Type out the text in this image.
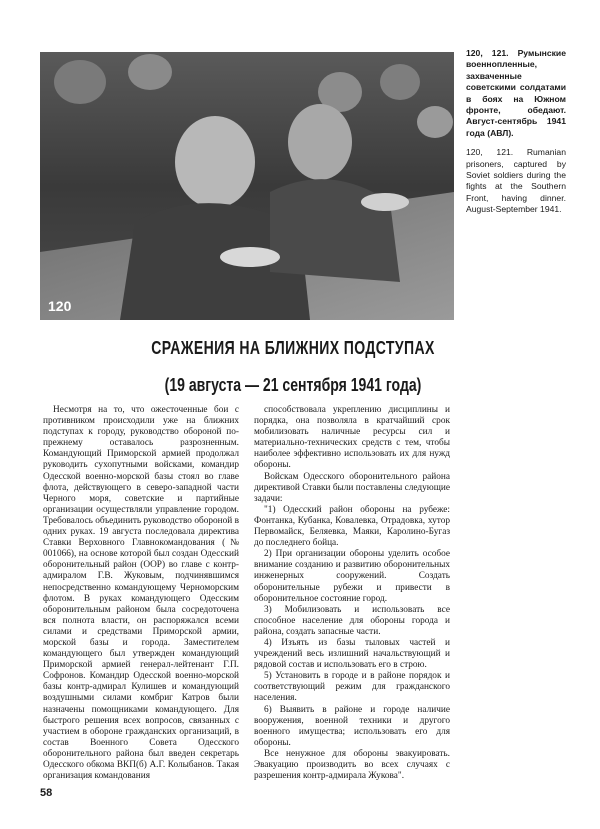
120

120, 121. Румынские военнопленные, захваченные советскими солдатами в боях на Южном фронте, обедают. Август-сентябрь 1941 года (АВЛ).

120, 121. Rumanian prisoners, captured by Soviet soldiers during the fights at the Southern Front, having dinner. August-September 1941.

СРАЖЕНИЯ НА БЛИЖНИХ ПОДСТУПАХ
(19 августа — 21 сентября 1941 года)

Несмотря на то, что ожесточенные бои с противником происходили уже на ближних подступах к городу, руководство обороной по-прежнему оставалось разрозненным. Командующий Приморской армией продолжал руководить сухопутными войсками, командир Одесской военно-морской базы стоял во главе флота, действующего в северо-западной части Черного моря, советские и партийные организации осуществляли управление городом. Требовалось объединить руководство обороной в одних руках. 19 августа последовала директива Ставки Верховного Главнокомандования (№ 001066), на основе которой был создан Одесский оборонительный район (ООР) во главе с контр-адмиралом Г.В. Жуковым, подчинявшимся непосредственно командующему Черноморским флотом. В руках командующего Одесским оборонительным районом была сосредоточена вся полнота власти, он распоряжался всеми силами и средствами Приморской армии, морской базы и города. Заместителем командующего был утвержден командующий Приморской армией генерал-лейтенант Г.П. Софронов. Командир Одесской военно-морской базы контр-адмирал Кулишев и командующий воздушными силами комбриг Катров были назначены помощниками командующего. Для быстрого решения всех вопросов, связанных с участием в обороне гражданских организаций, в состав Военного Совета Одесского оборонительного района был введен секретарь Одесского обкома ВКП(б) А.Г. Колыбанов. Такая организация командования

способствовала укреплению дисциплины и порядка, она позволяла в кратчайший срок мобилизовать наличные ресурсы сил и материально-технических средств с тем, чтобы наиболее эффективно использовать их для нужд обороны.

Войскам Одесского оборонительного района директивой Ставки были поставлены следующие задачи:

"1) Одесский район обороны на рубеже: Фонтанка, Кубанка, Ковалевка, Отрадовка, хутор Первомайск, Беляевка, Маяки, Каролино-Бугаз до последнего бойца.

2) При организации обороны уделить особое внимание созданию и развитию оборонительных инженерных сооружений. Создать оборонительные рубежи и привести в оборонительное состояние город.

3) Мобилизовать и использовать все способное население для обороны города и района, создать запасные части.

4) Изъять из базы тыловых частей и учреждений весь излишний начальствующий и рядовой состав и использовать его в строю.

5) Установить в городе и в районе порядок и соответствующий режим для гражданского населения.

6) Выявить в районе и городе наличие вооружения, военной техники и другого военного имущества; использовать его для обороны.

Все ненужное для обороны эвакуировать. Эвакуацию производить во всех случаях с разрешения контр-адмирала Жукова".

58
